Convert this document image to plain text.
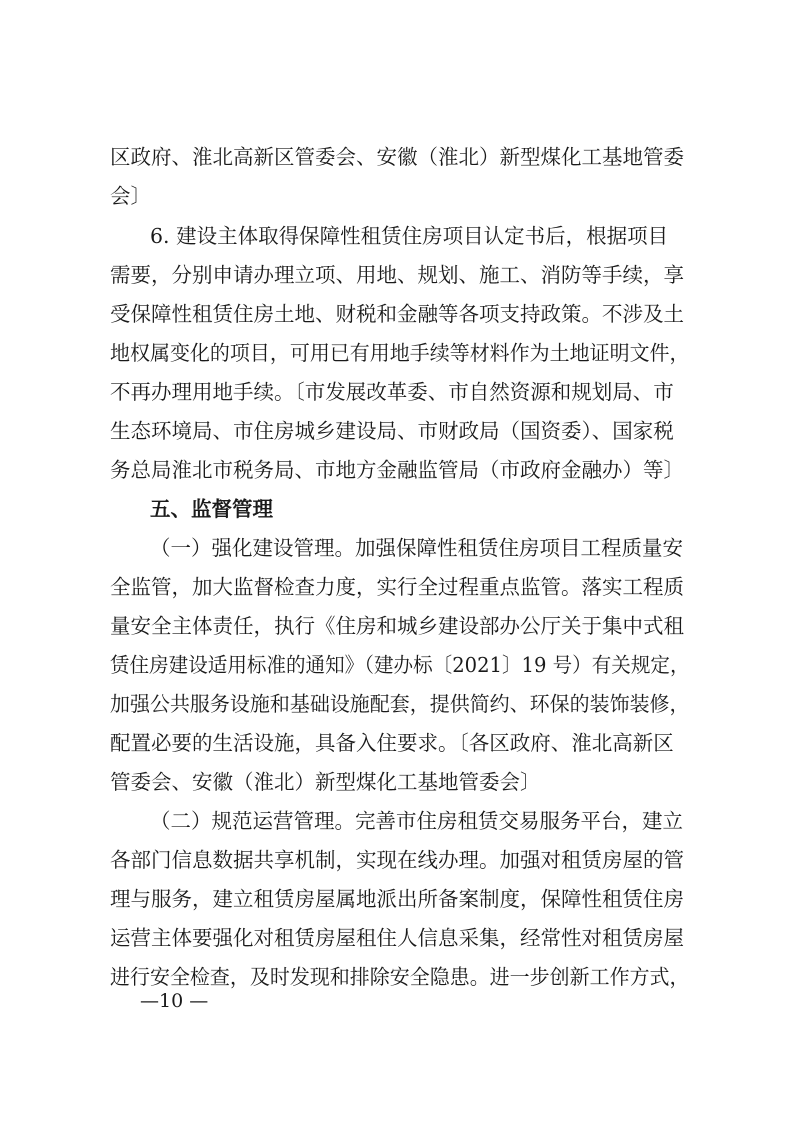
区政府、淮北高新区管委会、安徽（淮北）新型煤化工基地管委
会〕
6. 建设主体取得保障性租赁住房项目认定书后，根据项目
需要，分别申请办理立项、用地、规划、施工、消防等手续，享
受保障性租赁住房土地、财税和金融等各项支持政策。不涉及土
地权属变化的项目，可用已有用地手续等材料作为土地证明文件，
不再办理用地手续。〔市发展改革委、市自然资源和规划局、市
生态环境局、市住房城乡建设局、市财政局（国资委）、国家税
务总局淮北市税务局、市地方金融监管局（市政府金融办）等〕
五、监督管理
（一）强化建设管理。加强保障性租赁住房项目工程质量安
全监管，加大监督检查力度，实行全过程重点监管。落实工程质
量安全主体责任，执行《住房和城乡建设部办公厅关于集中式租
赁住房建设适用标准的通知》（建办标〔2021〕19 号）有关规定，
加强公共服务设施和基础设施配套，提供简约、环保的装饰装修，
配置必要的生活设施，具备入住要求。〔各区政府、淮北高新区
管委会、安徽（淮北）新型煤化工基地管委会〕
（二）规范运营管理。完善市住房租赁交易服务平台，建立
各部门信息数据共享机制，实现在线办理。加强对租赁房屋的管
理与服务，建立租赁房屋属地派出所备案制度，保障性租赁住房
运营主体要强化对租赁房屋租住人信息采集，经常性对租赁房屋
进行安全检查，及时发现和排除安全隐患。进一步创新工作方式，
—10 —
